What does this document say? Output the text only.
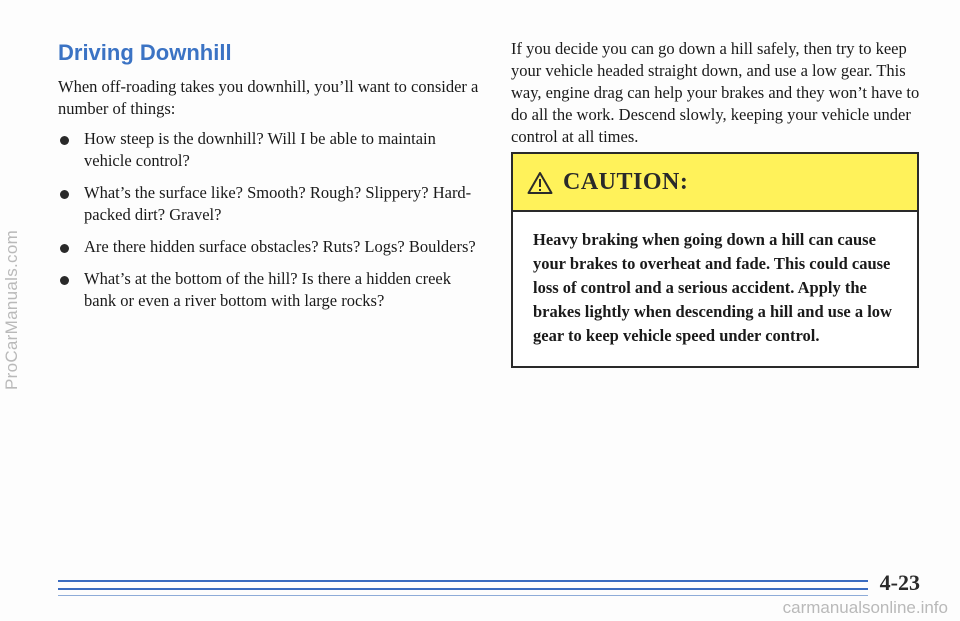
ProCarManuals.com
Driving Downhill

When off-roading takes you downhill, you’ll want to consider a number of things:

How steep is the downhill? Will I be able to maintain vehicle control?
What’s the surface like? Smooth? Rough? Slippery? Hard-packed dirt? Gravel?
Are there hidden surface obstacles? Ruts? Logs? Boulders?
What’s at the bottom of the hill? Is there a hidden creek bank or even a river bottom with large rocks?

If you decide you can go down a hill safely, then try to keep your vehicle headed straight down, and use a low gear. This way, engine drag can help your brakes and they won’t have to do all the work. Descend slowly, keeping your vehicle under control at all times.

CAUTION:

Heavy braking when going down a hill can cause your brakes to overheat and fade. This could cause loss of control and a serious accident. Apply the brakes lightly when descending a hill and use a low gear to keep vehicle speed under control.

4-23
carmanualsonline.info
